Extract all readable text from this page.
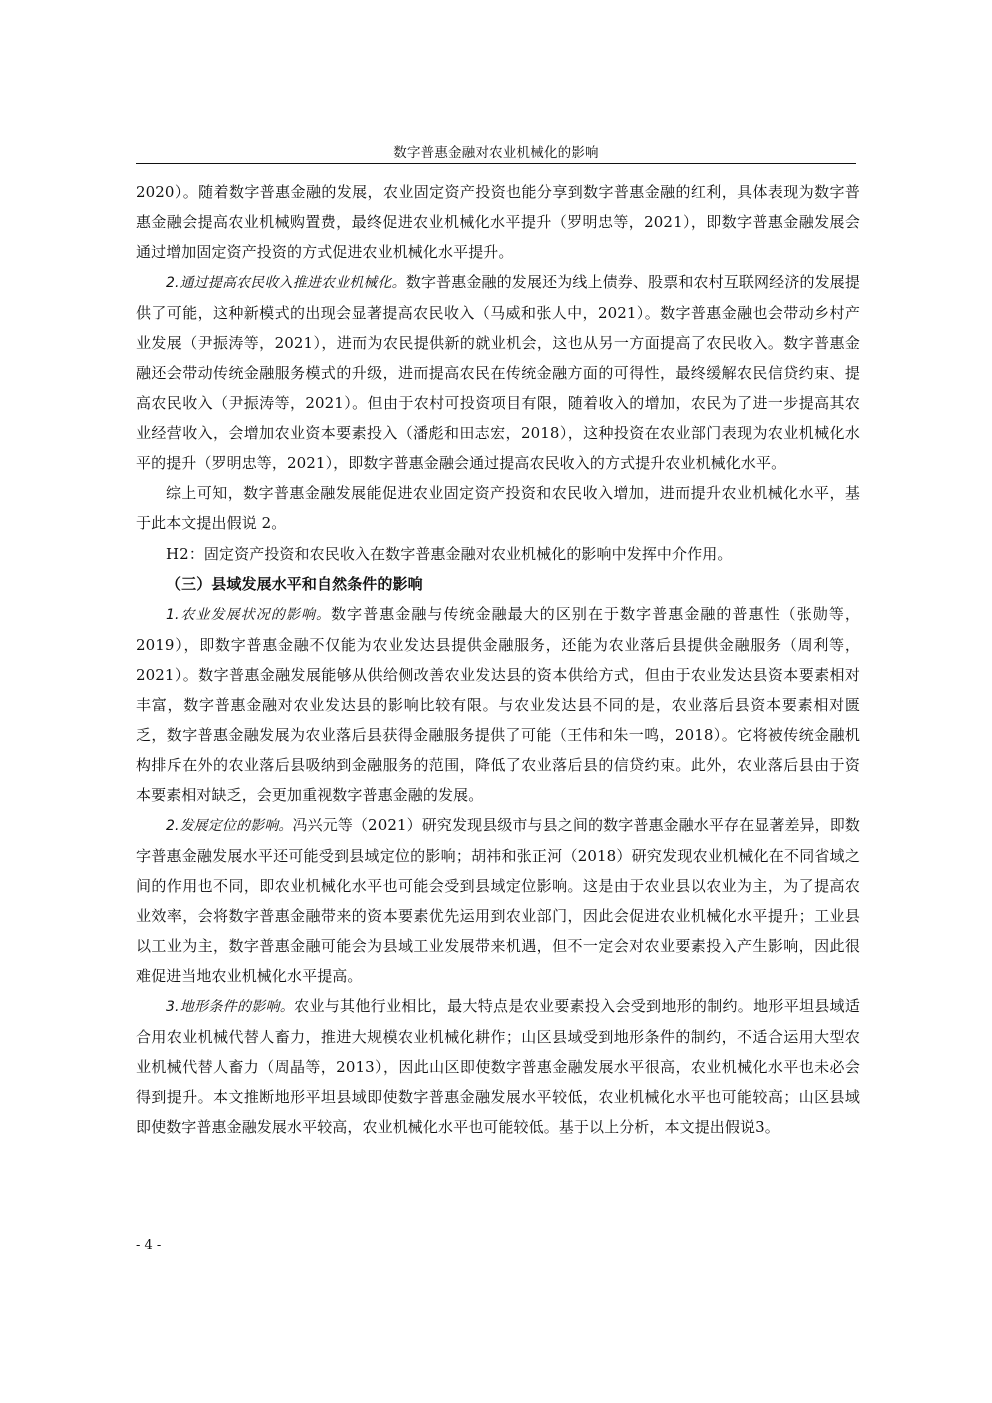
数字普惠金融对农业机械化的影响

2020）。随着数字普惠金融的发展，农业固定资产投资也能分享到数字普惠金融的红利，具体表现为数字普惠金融会提高农业机械购置费，最终促进农业机械化水平提升（罗明忠等，2021），即数字普惠金融发展会通过增加固定资产投资的方式促进农业机械化水平提升。

2.通过提高农民收入推进农业机械化。数字普惠金融的发展还为线上债券、股票和农村互联网经济的发展提供了可能，这种新模式的出现会显著提高农民收入（马威和张人中，2021）。数字普惠金融也会带动乡村产业发展（尹振涛等，2021），进而为农民提供新的就业机会，这也从另一方面提高了农民收入。数字普惠金融还会带动传统金融服务模式的升级，进而提高农民在传统金融方面的可得性，最终缓解农民信贷约束、提高农民收入（尹振涛等，2021）。但由于农村可投资项目有限，随着收入的增加，农民为了进一步提高其农业经营收入，会增加农业资本要素投入（潘彪和田志宏，2018），这种投资在农业部门表现为农业机械化水平的提升（罗明忠等，2021），即数字普惠金融会通过提高农民收入的方式提升农业机械化水平。

综上可知，数字普惠金融发展能促进农业固定资产投资和农民收入增加，进而提升农业机械化水平，基于此本文提出假说 2。

H2：固定资产投资和农民收入在数字普惠金融对农业机械化的影响中发挥中介作用。

（三）县域发展水平和自然条件的影响

1.农业发展状况的影响。数字普惠金融与传统金融最大的区别在于数字普惠金融的普惠性（张勋等，2019），即数字普惠金融不仅能为农业发达县提供金融服务，还能为农业落后县提供金融服务（周利等，2021）。数字普惠金融发展能够从供给侧改善农业发达县的资本供给方式，但由于农业发达县资本要素相对丰富，数字普惠金融对农业发达县的影响比较有限。与农业发达县不同的是，农业落后县资本要素相对匮乏，数字普惠金融发展为农业落后县获得金融服务提供了可能（王伟和朱一鸣，2018）。它将被传统金融机构排斥在外的农业落后县吸纳到金融服务的范围，降低了农业落后县的信贷约束。此外，农业落后县由于资本要素相对缺乏，会更加重视数字普惠金融的发展。

2.发展定位的影响。冯兴元等（2021）研究发现县级市与县之间的数字普惠金融水平存在显著差异，即数字普惠金融发展水平还可能受到县域定位的影响；胡祎和张正河（2018）研究发现农业机械化在不同省域之间的作用也不同，即农业机械化水平也可能会受到县域定位影响。这是由于农业县以农业为主，为了提高农业效率，会将数字普惠金融带来的资本要素优先运用到农业部门，因此会促进农业机械化水平提升；工业县以工业为主，数字普惠金融可能会为县域工业发展带来机遇，但不一定会对农业要素投入产生影响，因此很难促进当地农业机械化水平提高。

3.地形条件的影响。农业与其他行业相比，最大特点是农业要素投入会受到地形的制约。地形平坦县域适合用农业机械代替人畜力，推进大规模农业机械化耕作；山区县域受到地形条件的制约，不适合运用大型农业机械代替人畜力（周晶等，2013），因此山区即使数字普惠金融发展水平很高，农业机械化水平也未必会得到提升。本文推断地形平坦县域即使数字普惠金融发展水平较低，农业机械化水平也可能较高；山区县域即使数字普惠金融发展水平较高，农业机械化水平也可能较低。基于以上分析，本文提出假说3。

- 4 -
